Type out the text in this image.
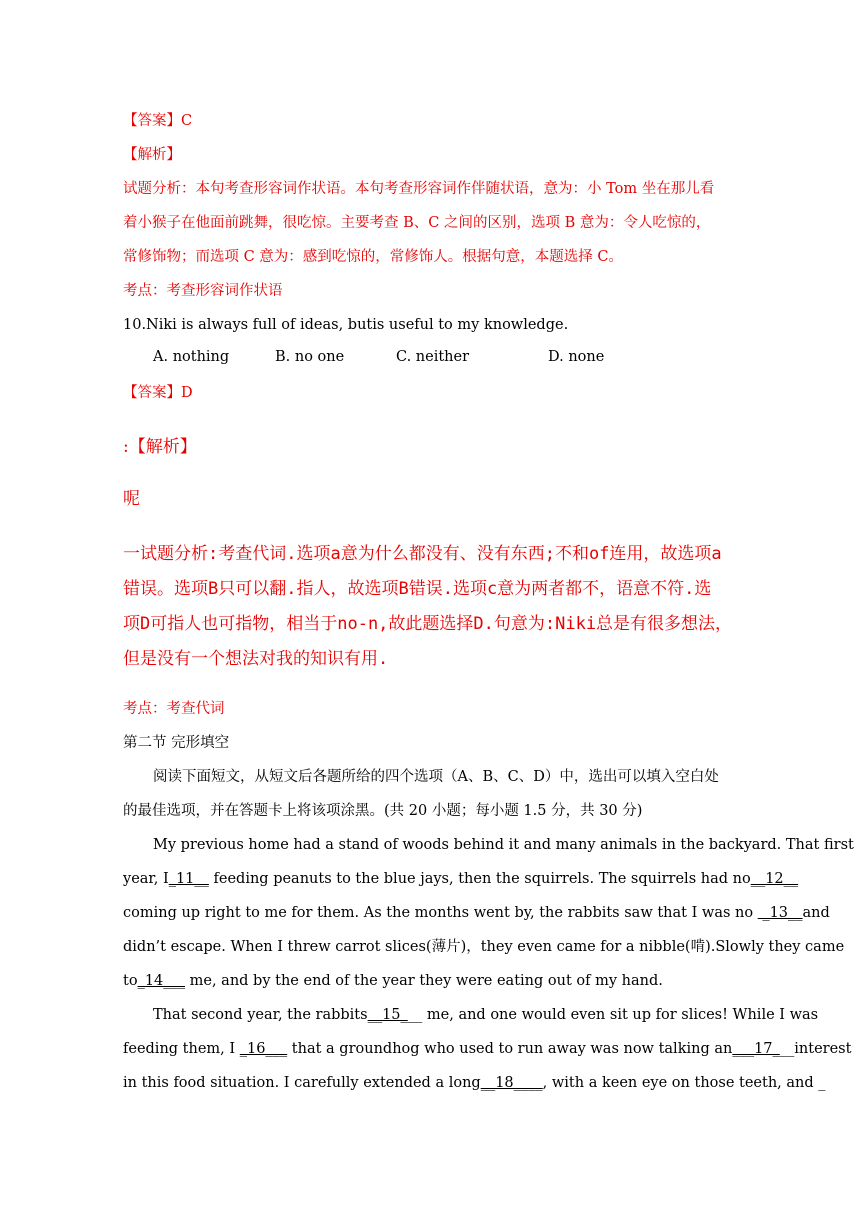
【答案】C
【解析】
试题分析：本句考查形容词作状语。本句考查形容词作伴随状语，意为：小 Tom 坐在那儿看
着小猴子在他面前跳舞，很吃惊。主要考查 B、C 之间的区别，选项 B 意为：令人吃惊的，
常修饰物；而选项 C 意为：感到吃惊的，常修饰人。根据句意，本题选择 C。
考点：考查形容词作状语
10.Niki is always full of ideas, butis useful to my knowledge.
A. nothing	B. no one	C. neither	D. none
【答案】D
:【解析】
呢
一试题分析:考查代词.选项a意为什么都没有、没有东西;不和of连用，故选项a
错误。选项B只可以翻.指人，故选项B错误.选项c意为两者都不，语意不符.选
项D可指人也可指物，相当于no-n,故此题选择D.句意为:Niki总是有很多想法，
但是没有一个想法对我的知识有用.
考点：考查代词
第二节 完形填空
阅读下面短文，从短文后各题所给的四个选项（A、B、C、D）中，选出可以填入空白处
的最佳选项，并在答题卡上将该项涂黑。(共 20 小题；每小题 1.5 分，共 30 分)
My previous home had a stand of woods behind it and many animals in the backyard. That first
year, I_11__ feeding peanuts to the blue jays, then the squirrels. The squirrels had no __12__
coming up right to me for them. As the months went by, the rabbits saw that I was no _13__and
didn’t escape. When I threw carrot slices(薄片)，they even came for a nibble(啃).Slowly they came
to_14___ me, and by the end of the year they were eating out of my hand.
That second year, the rabbits__15_ __ me, and one would even sit up for slices! While I was
feeding them, I _16___ that a groundhog who used to run away was now talking an ___17___interest
in this food situation. I carefully extended a long__18____ , with a keen eye on those teeth, and _
